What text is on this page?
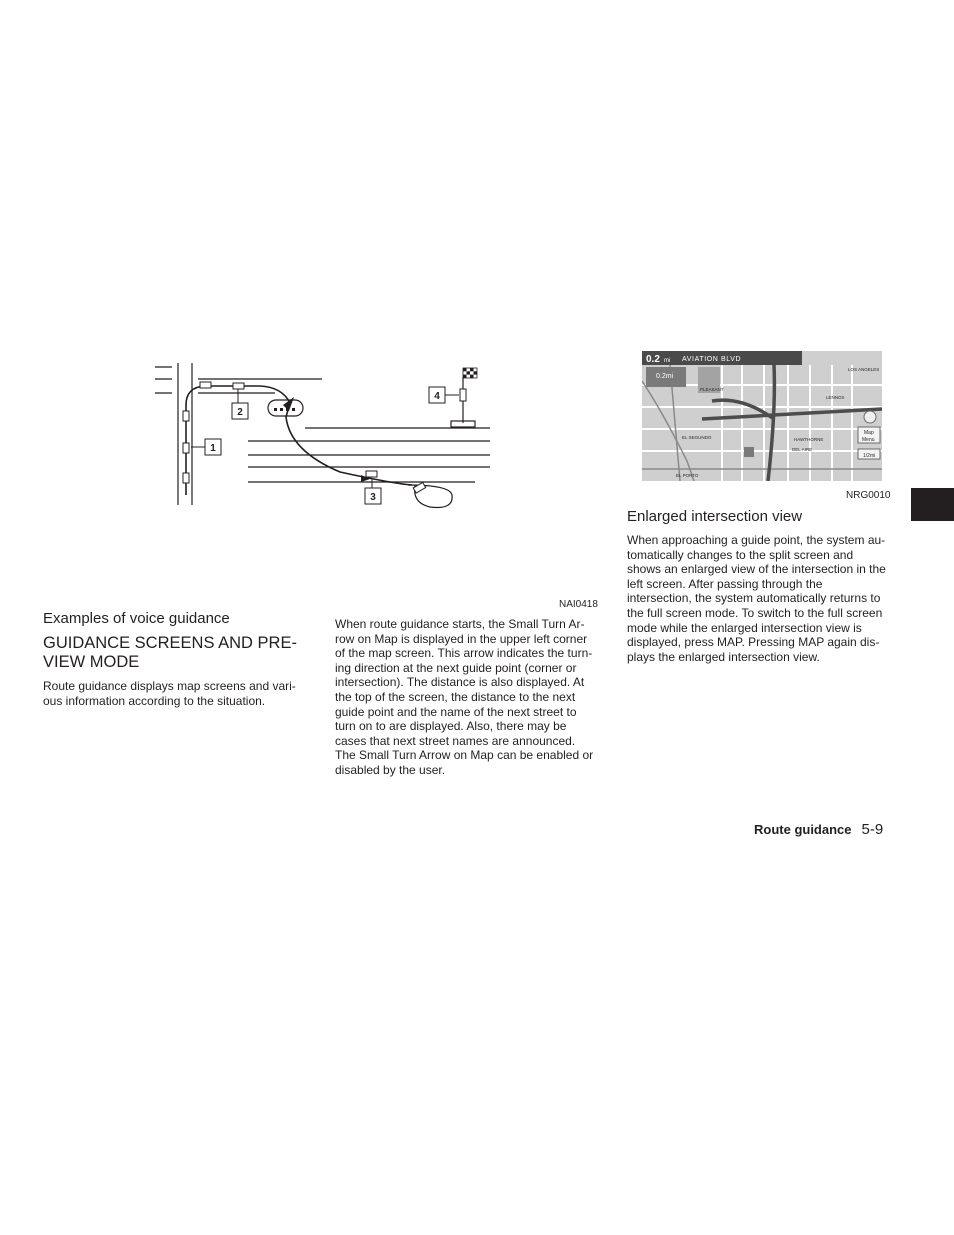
1
2
3
4
NAI0418
0.2 mi AVIATION BLVD
0.2mi
PLEASANT
LENNOX
EL SEGUNDO	HAWTHORNE
DEL AIRE
EL PORTO
LOS ANGELES
Map
Menu
1/2mi
NRG0010
Examples of voice guidance
GUIDANCE SCREENS AND PRE-
VIEW MODE
Route guidance displays map screens and vari-
ous information according to the situation.
When route guidance starts, the Small Turn Ar-
row on Map is displayed in the upper left corner
of the map screen. This arrow indicates the turn-
ing direction at the next guide point (corner or
intersection). The distance is also displayed. At
the top of the screen, the distance to the next
guide point and the name of the next street to
turn on to are displayed. Also, there may be
cases that next street names are announced.
The Small Turn Arrow on Map can be enabled or
disabled by the user.
Enlarged intersection view
When approaching a guide point, the system au-
tomatically changes to the split screen and
shows an enlarged view of the intersection in the
left screen. After passing through the
intersection, the system automatically returns to
the full screen mode. To switch to the full screen
mode while the enlarged intersection view is
displayed, press MAP. Pressing MAP again dis-
plays the enlarged intersection view.
Route guidance 5-9
